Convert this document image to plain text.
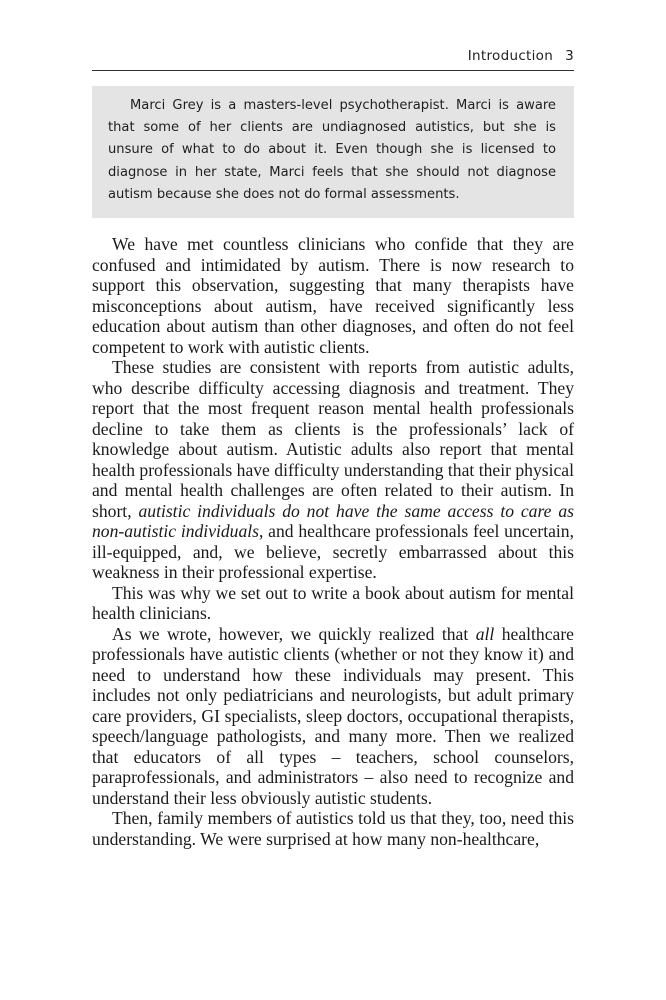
Introduction 3
Marci Grey is a masters-level psychotherapist. Marci is aware that some of her clients are undiagnosed autistics, but she is unsure of what to do about it. Even though she is licensed to diagnose in her state, Marci feels that she should not diagnose autism because she does not do formal assessments.

We have met countless clinicians who confide that they are confused and intimidated by autism. There is now research to support this observation, suggesting that many therapists have misconceptions about autism, have received significantly less education about autism than other diagnoses, and often do not feel competent to work with autistic clients.

These studies are consistent with reports from autistic adults, who describe difficulty accessing diagnosis and treatment. They report that the most frequent reason mental health professionals decline to take them as clients is the professionals’ lack of knowledge about autism. Autistic adults also report that mental health professionals have difficulty understanding that their physical and mental health challenges are often related to their autism. In short, autistic individuals do not have the same access to care as non-autistic individuals, and healthcare professionals feel uncertain, ill-equipped, and, we believe, secretly embarrassed about this weakness in their professional expertise.

This was why we set out to write a book about autism for mental health clinicians.

As we wrote, however, we quickly realized that all healthcare professionals have autistic clients (whether or not they know it) and need to understand how these individuals may present. This includes not only pediatricians and neurologists, but adult primary care providers, GI specialists, sleep doctors, occupational therapists, speech/language pathologists, and many more. Then we realized that educators of all types – teachers, school counselors, paraprofessionals, and administrators – also need to recognize and understand their less obviously autistic students.

Then, family members of autistics told us that they, too, need this understanding. We were surprised at how many non-healthcare,
